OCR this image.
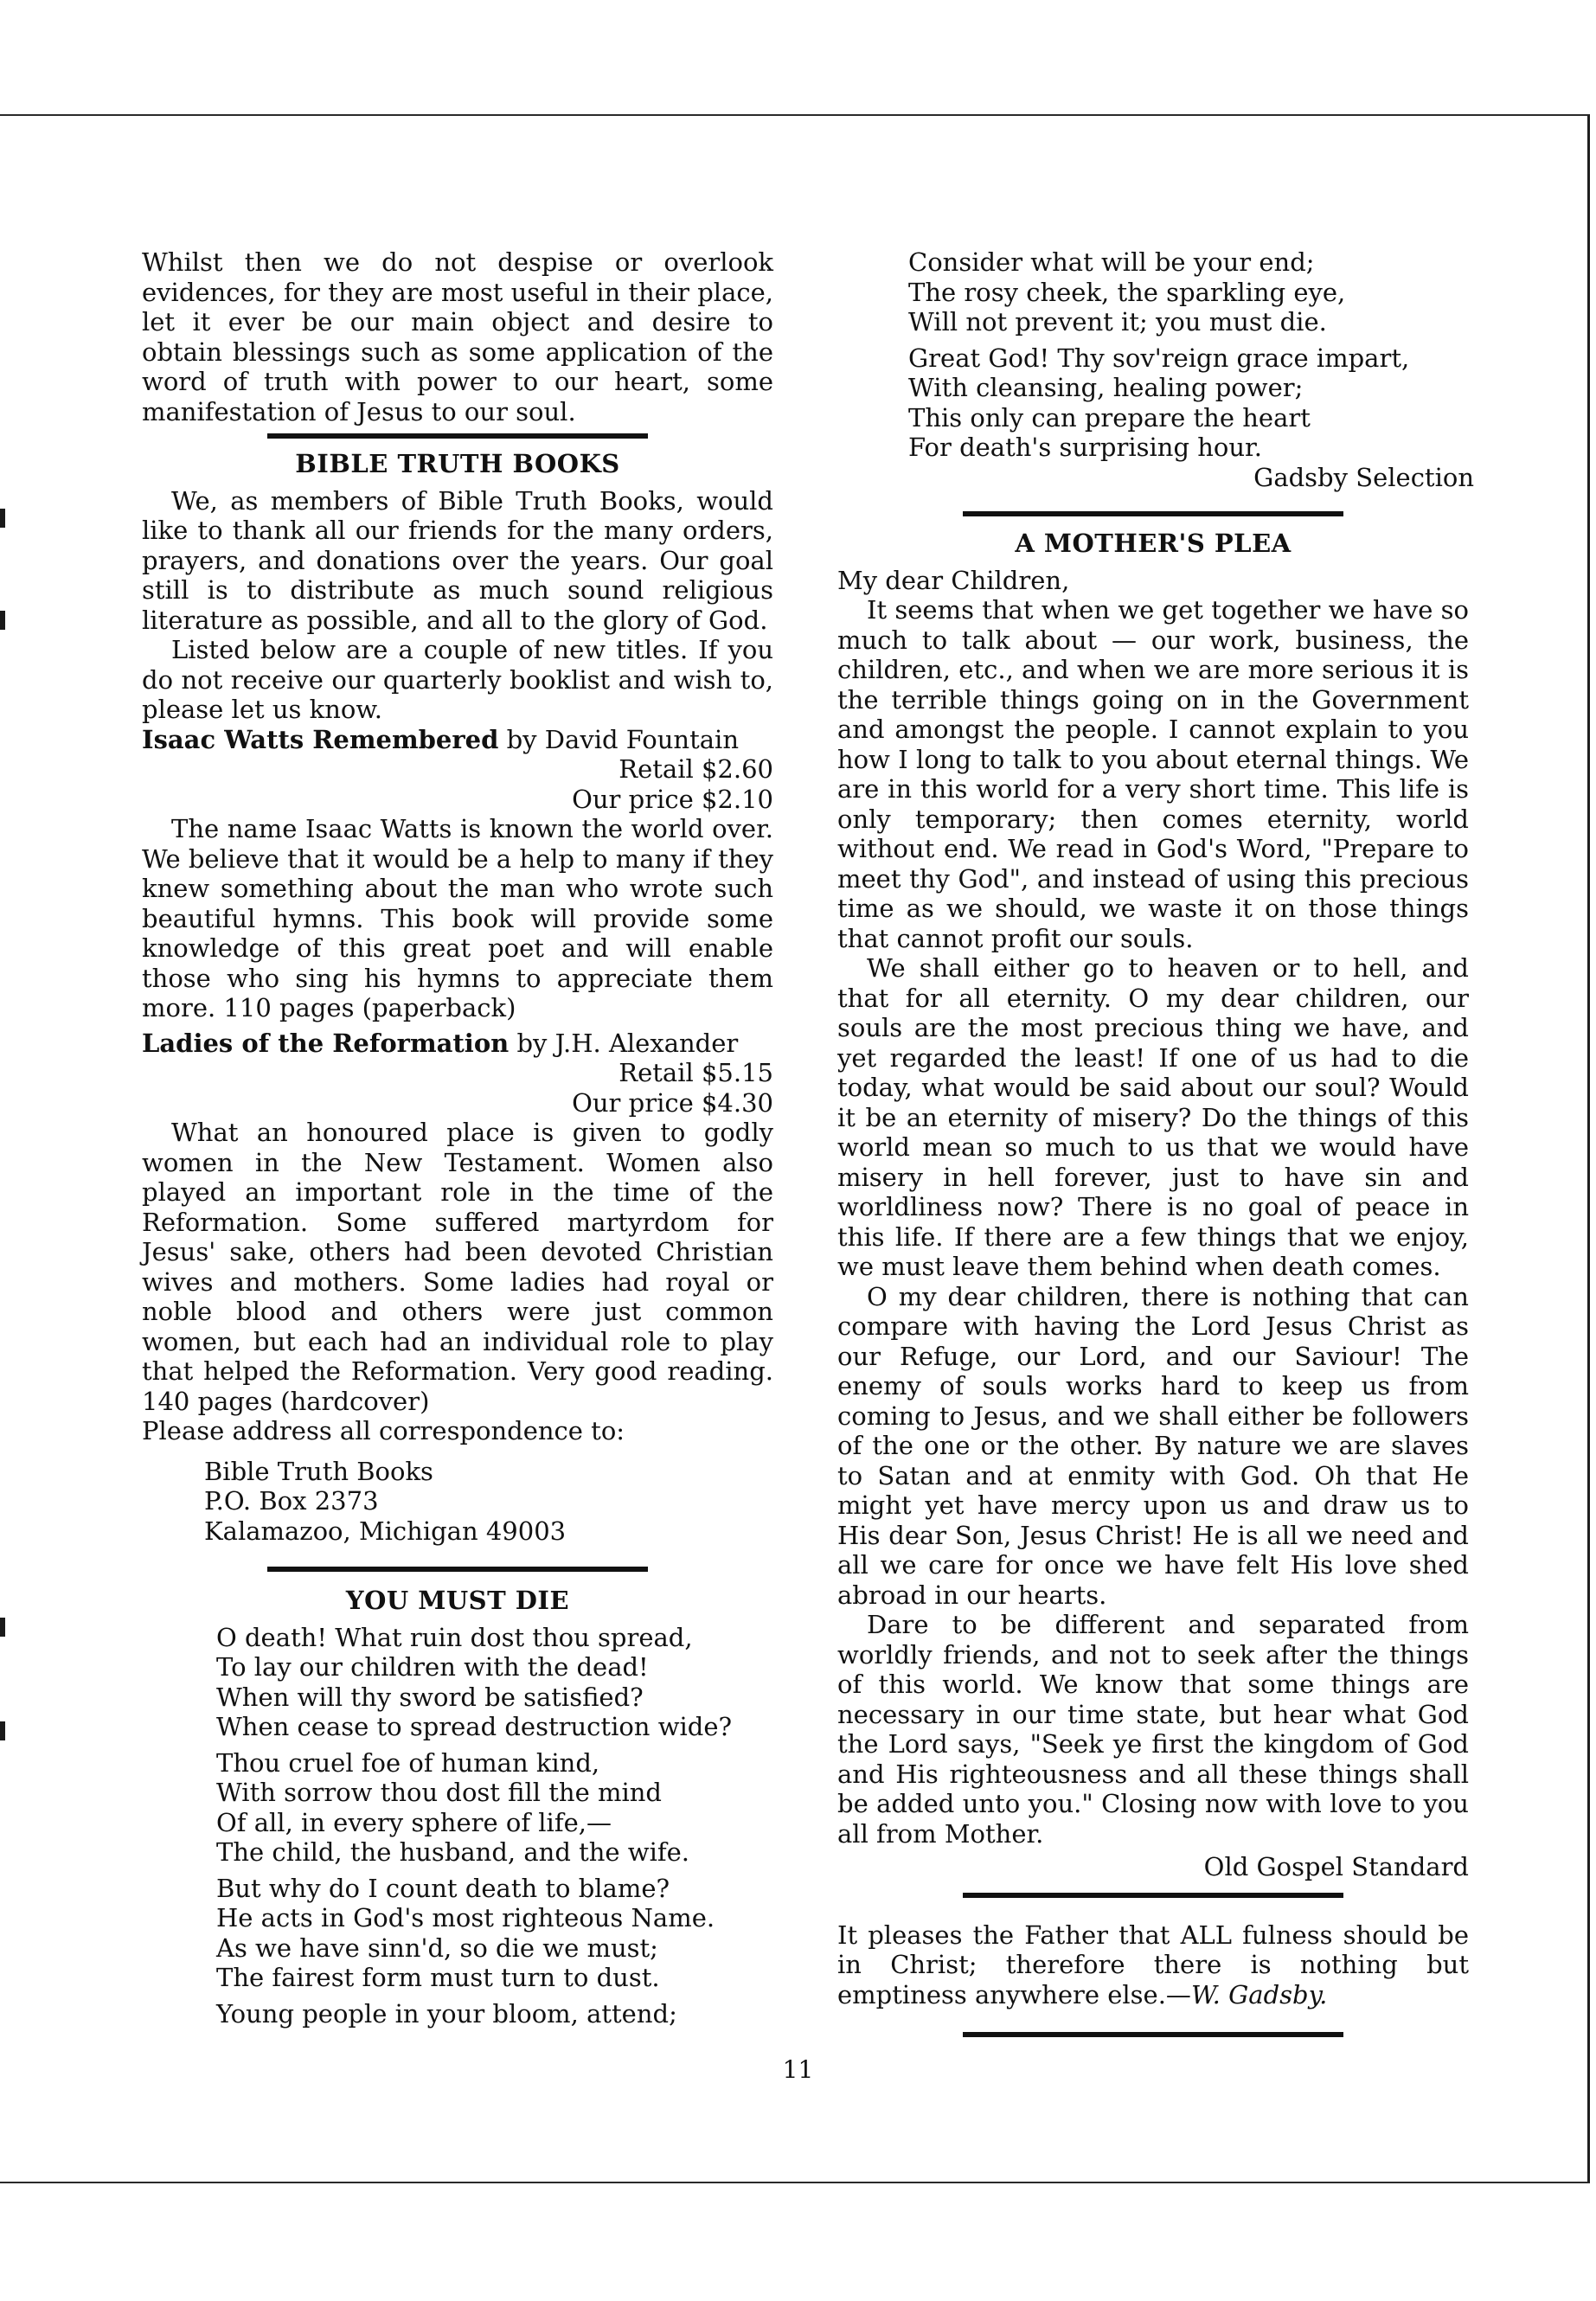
Whilst then we do not despise or overlook evidences, for they are most useful in their place, let it ever be our main object and desire to obtain blessings such as some application of the word of truth with power to our heart, some manifestation of Jesus to our soul.

BIBLE TRUTH BOOKS

We, as members of Bible Truth Books, would like to thank all our friends for the many orders, prayers, and donations over the years. Our goal still is to distribute as much sound religious literature as possible, and all to the glory of God.

Listed below are a couple of new titles. If you do not receive our quarterly booklist and wish to, please let us know.

Isaac Watts Remembered by David Fountain

Retail $2.60

Our price $2.10

The name Isaac Watts is known the world over. We believe that it would be a help to many if they knew something about the man who wrote such beautiful hymns. This book will provide some knowledge of this great poet and will enable those who sing his hymns to appreciate them more. 110 pages (paperback)

Ladies of the Reformation by J.H. Alexander

Retail $5.15

Our price $4.30

What an honoured place is given to godly women in the New Testament. Women also played an important role in the time of the Reformation. Some suffered martyrdom for Jesus' sake, others had been devoted Christian wives and mothers. Some ladies had royal or noble blood and others were just common women, but each had an individual role to play that helped the Reformation. Very good reading. 140 pages (hardcover)

Please address all correspondence to:

Bible Truth Books
P.O. Box 2373
Kalamazoo, Michigan 49003
YOU MUST DIE
O death! What ruin dost thou spread,
To lay our children with the dead!
When will thy sword be satisfied?
When cease to spread destruction wide?
Thou cruel foe of human kind,
With sorrow thou dost fill the mind
Of all, in every sphere of life,—
The child, the husband, and the wife.
But why do I count death to blame?
He acts in God's most righteous Name.
As we have sinn'd, so die we must;
The fairest form must turn to dust.
Young people in your bloom, attend;
Consider what will be your end;
The rosy cheek, the sparkling eye,
Will not prevent it; you must die.
Great God! Thy sov'reign grace impart,
With cleansing, healing power;
This only can prepare the heart
For death's surprising hour.

Gadsby Selection

A MOTHER'S PLEA

My dear Children,

It seems that when we get together we have so much to talk about — our work, business, the children, etc., and when we are more serious it is the terrible things going on in the Government and amongst the people. I cannot explain to you how I long to talk to you about eternal things. We are in this world for a very short time. This life is only temporary; then comes eternity, world without end. We read in God's Word, "Prepare to meet thy God", and instead of using this precious time as we should, we waste it on those things that cannot profit our souls.

We shall either go to heaven or to hell, and that for all eternity. O my dear children, our souls are the most precious thing we have, and yet regarded the least! If one of us had to die today, what would be said about our soul? Would it be an eternity of misery? Do the things of this world mean so much to us that we would have misery in hell forever, just to have sin and worldliness now? There is no goal of peace in this life. If there are a few things that we enjoy, we must leave them behind when death comes.

O my dear children, there is nothing that can compare with having the Lord Jesus Christ as our Refuge, our Lord, and our Saviour! The enemy of souls works hard to keep us from coming to Jesus, and we shall either be followers of the one or the other. By nature we are slaves to Satan and at enmity with God. Oh that He might yet have mercy upon us and draw us to His dear Son, Jesus Christ! He is all we need and all we care for once we have felt His love shed abroad in our hearts.

Dare to be different and separated from worldly friends, and not to seek after the things of this world. We know that some things are necessary in our time state, but hear what God the Lord says, "Seek ye first the kingdom of God and His righteousness and all these things shall be added unto you." Closing now with love to you all from Mother.

Old Gospel Standard

It pleases the Father that ALL fulness should be in Christ; therefore there is nothing but emptiness anywhere else.—W. Gadsby.

11
